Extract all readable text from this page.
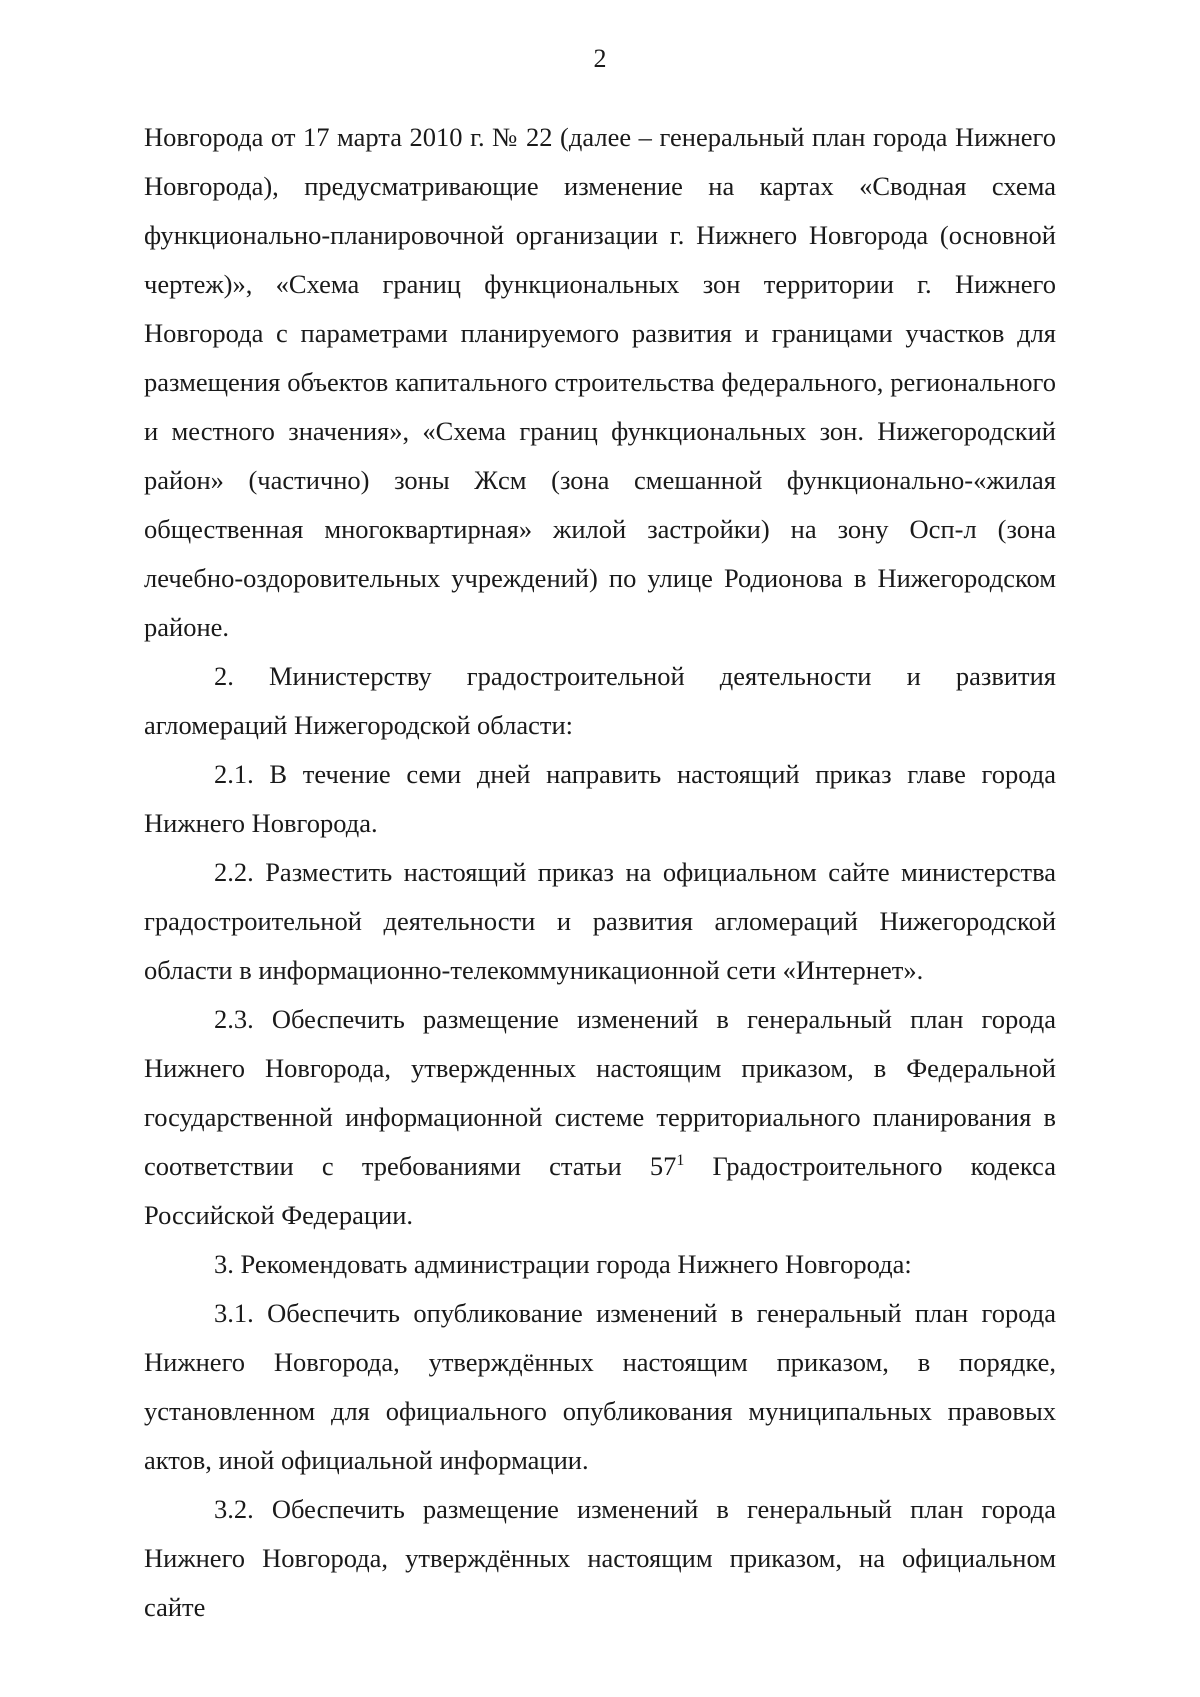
2

Новгорода от 17 марта 2010 г. № 22 (далее – генеральный план города Нижнего Новгорода), предусматривающие изменение на картах «Сводная схема функционально-планировочной организации г. Нижнего Новгорода (основной чертеж)», «Схема границ функциональных зон территории г. Нижнего Новгорода с параметрами планируемого развития и границами участков для размещения объектов капитального строительства федерального, регионального и местного значения», «Схема границ функциональных зон. Нижегородский район» (частично) зоны Жсм (зона смешанной функционально-«жилая общественная многоквартирная» жилой застройки) на зону Осп-л (зона лечебно-оздоровительных учреждений) по улице Родионова в Нижегородском районе.

2. Министерству градостроительной деятельности и развития агломераций Нижегородской области:

2.1. В течение семи дней направить настоящий приказ главе города Нижнего Новгорода.

2.2. Разместить настоящий приказ на официальном сайте министерства градостроительной деятельности и развития агломераций Нижегородской области в информационно-телекоммуникационной сети «Интернет».

2.3. Обеспечить размещение изменений в генеральный план города Нижнего Новгорода, утвержденных настоящим приказом, в Федеральной государственной информационной системе территориального планирования в соответствии с требованиями статьи $57^1$ Градостроительного кодекса Российской Федерации.

3. Рекомендовать администрации города Нижнего Новгорода:

3.1. Обеспечить опубликование изменений в генеральный план города Нижнего Новгорода, утверждённых настоящим приказом, в порядке, установленном для официального опубликования муниципальных правовых актов, иной официальной информации.

3.2. Обеспечить размещение изменений в генеральный план города Нижнего Новгорода, утверждённых настоящим приказом, на официальном сайте
